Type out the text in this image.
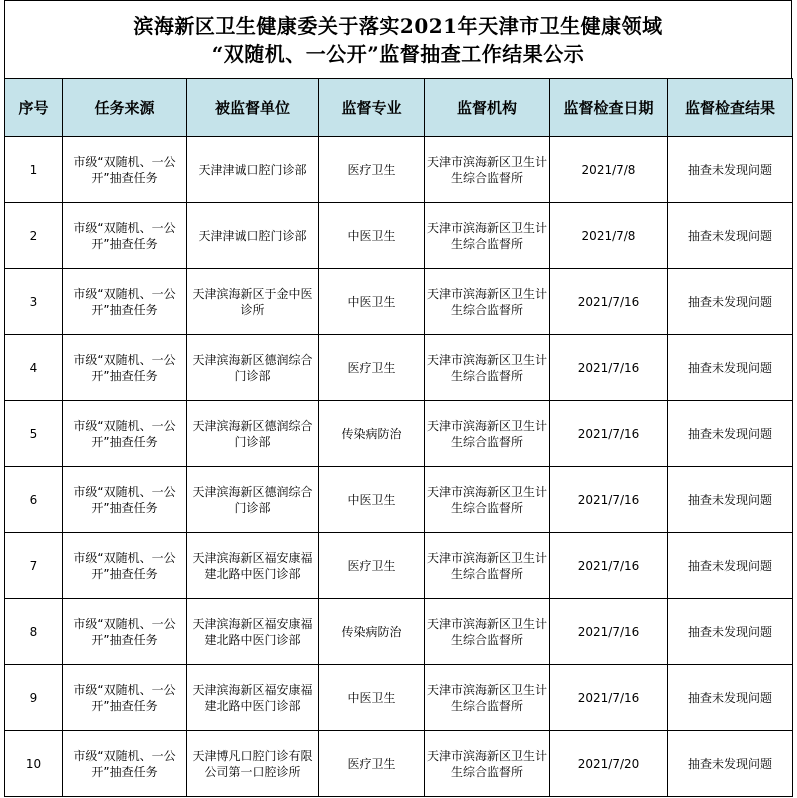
滨海新区卫生健康委关于落实2021年天津市卫生健康领域
“双随机、一公开”监督抽查工作结果公示
序号	任务来源	被监督单位	监督专业	监督机构	监督检查日期	监督检查结果
1	市级“双随机、一公开”抽查任务	天津津诚口腔门诊部	医疗卫生	天津市滨海新区卫生计生综合监督所	2021/7/8	抽查未发现问题
2	市级“双随机、一公开”抽查任务	天津津诚口腔门诊部	中医卫生	天津市滨海新区卫生计生综合监督所	2021/7/8	抽查未发现问题
3	市级“双随机、一公开”抽查任务	天津滨海新区于金中医诊所	中医卫生	天津市滨海新区卫生计生综合监督所	2021/7/16	抽查未发现问题
4	市级“双随机、一公开”抽查任务	天津滨海新区德润综合门诊部	医疗卫生	天津市滨海新区卫生计生综合监督所	2021/7/16	抽查未发现问题
5	市级“双随机、一公开”抽查任务	天津滨海新区德润综合门诊部	传染病防治	天津市滨海新区卫生计生综合监督所	2021/7/16	抽查未发现问题
6	市级“双随机、一公开”抽查任务	天津滨海新区德润综合门诊部	中医卫生	天津市滨海新区卫生计生综合监督所	2021/7/16	抽查未发现问题
7	市级“双随机、一公开”抽查任务	天津滨海新区福安康福建北路中医门诊部	医疗卫生	天津市滨海新区卫生计生综合监督所	2021/7/16	抽查未发现问题
8	市级“双随机、一公开”抽查任务	天津滨海新区福安康福建北路中医门诊部	传染病防治	天津市滨海新区卫生计生综合监督所	2021/7/16	抽查未发现问题
9	市级“双随机、一公开”抽查任务	天津滨海新区福安康福建北路中医门诊部	中医卫生	天津市滨海新区卫生计生综合监督所	2021/7/16	抽查未发现问题
10	市级“双随机、一公开”抽查任务	天津博凡口腔门诊有限公司第一口腔诊所	医疗卫生	天津市滨海新区卫生计生综合监督所	2021/7/20	抽查未发现问题
